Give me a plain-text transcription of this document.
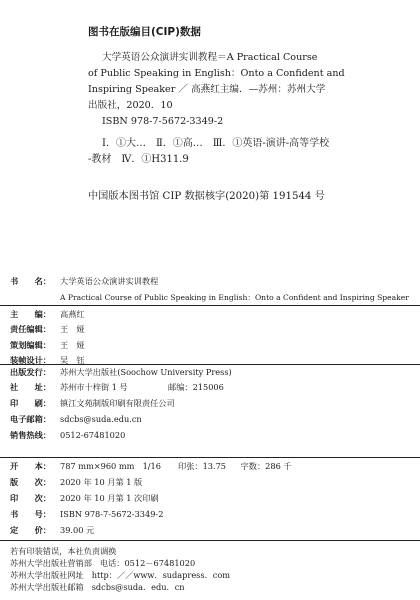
图书在版编目(CIP)数据
大学英语公众演讲实训教程＝A Practical Course
of Public Speaking in English：Onto a Confident and
Inspiring Speaker ／ 高燕红主编．—苏州：苏州大学
出版社，2020．10
ISBN 978-7-5672-3349-2
Ⅰ．①大…　Ⅱ．①高…　Ⅲ．①英语-演讲-高等学校
-教材　Ⅳ．①H311.9
中国版本图书馆 CIP 数据核字(2020)第 191544 号
书　　名：	大学英语公众演讲实训教程
A Practical Course of Public Speaking in English：Onto a Confident and Inspiring Speaker
主　　编：	高燕红
责任编辑：	王　娅
策划编辑：	王　娅
装帧设计：	吴　钰
出版发行：	苏州大学出版社(Soochow University Press)
社　　址：	苏州市十梓街 1 号	邮编： 215006
印　　刷：	镇江文苑制版印刷有限责任公司
电子邮箱：	sdcbs@suda.edu.cn
销售热线：	0512-67481020
开　　本：	787 mm×960 mm　1/16	印张： 13.75	字数： 286 千
版　　次：	2020 年 10 月第 1 版
印　　次：	2020 年 10 月第 1 次印刷
书　　号：	ISBN 978-7-5672-3349-2
定　　价：	39.00 元
若有印装错误，本社负责调换
苏州大学出版社营销部 电话：0512－67481020
苏州大学出版社网址 http：／／www．sudapress．com
苏州大学出版社邮箱 sdcbs@suda．edu．cn
